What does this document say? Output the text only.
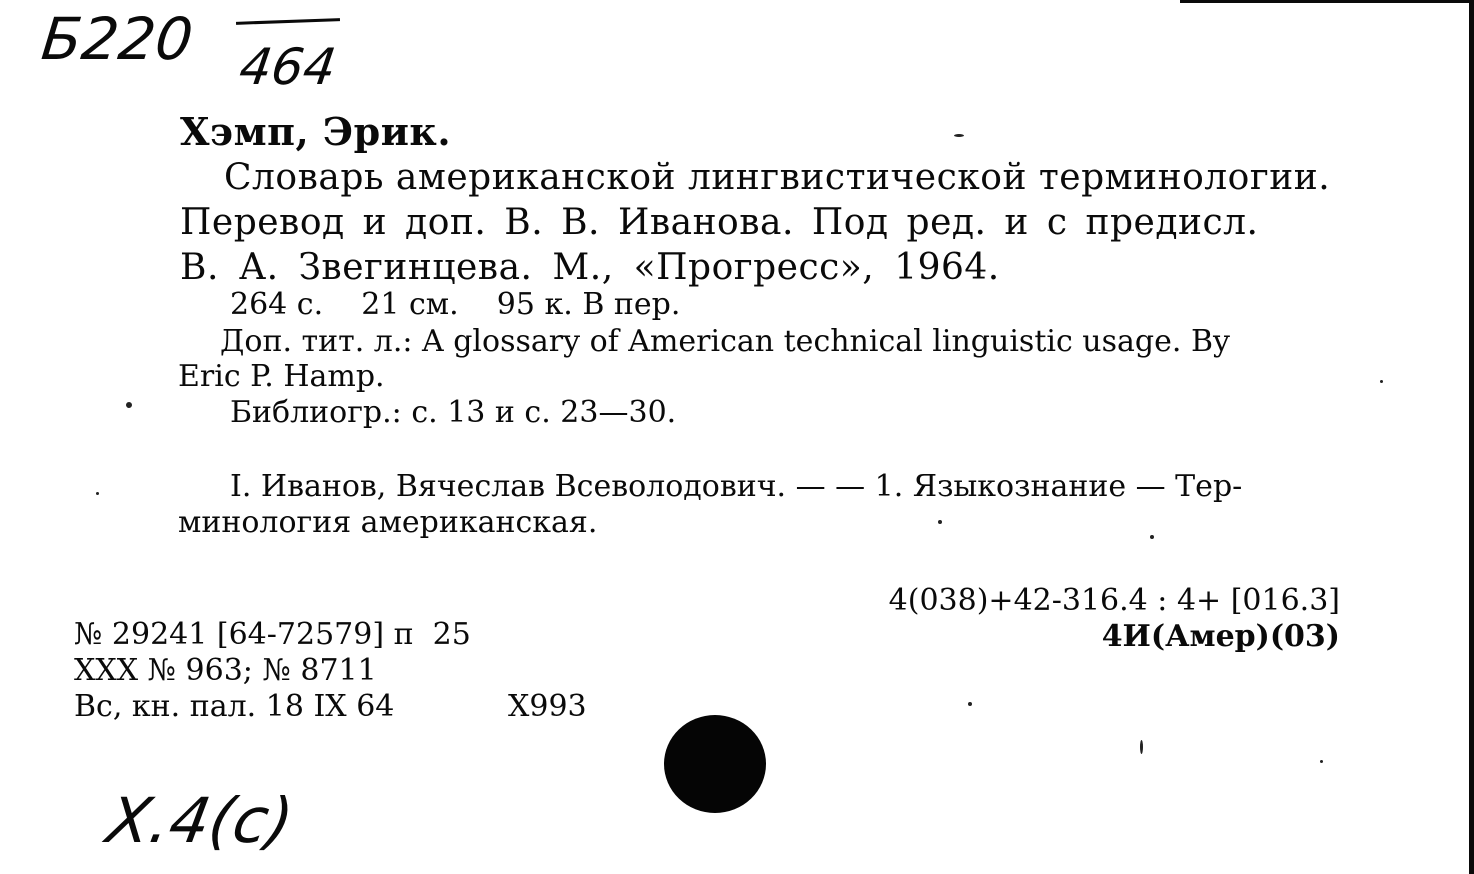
Б220 464
Хэмп, Эрик.
Словарь американской лингвистической терминологии.
Перевод и доп. В. В. Иванова. Под ред. и с предисл.
В. А. Звегинцева. М., «Прогресс», 1964.
264 с.    21 см.    95 к. В пер.
Доп. тит. л.: A glossary of American technical linguistic usage. By
Eric P. Hamp.
Библиогр.: с. 13 и с. 23—30.
I. Иванов, Вячеслав Всеволодович. — — 1. Языкознание — Тер-
минология американская.
4(038)+42-316.4 : 4+ [016.3]
4И(Амер)(03)
№ 29241 [64-72579] п  25
ХХХ № 963; № 8711
Вс, кн. пал. 18 IX 64	Х993
X.4(c)
